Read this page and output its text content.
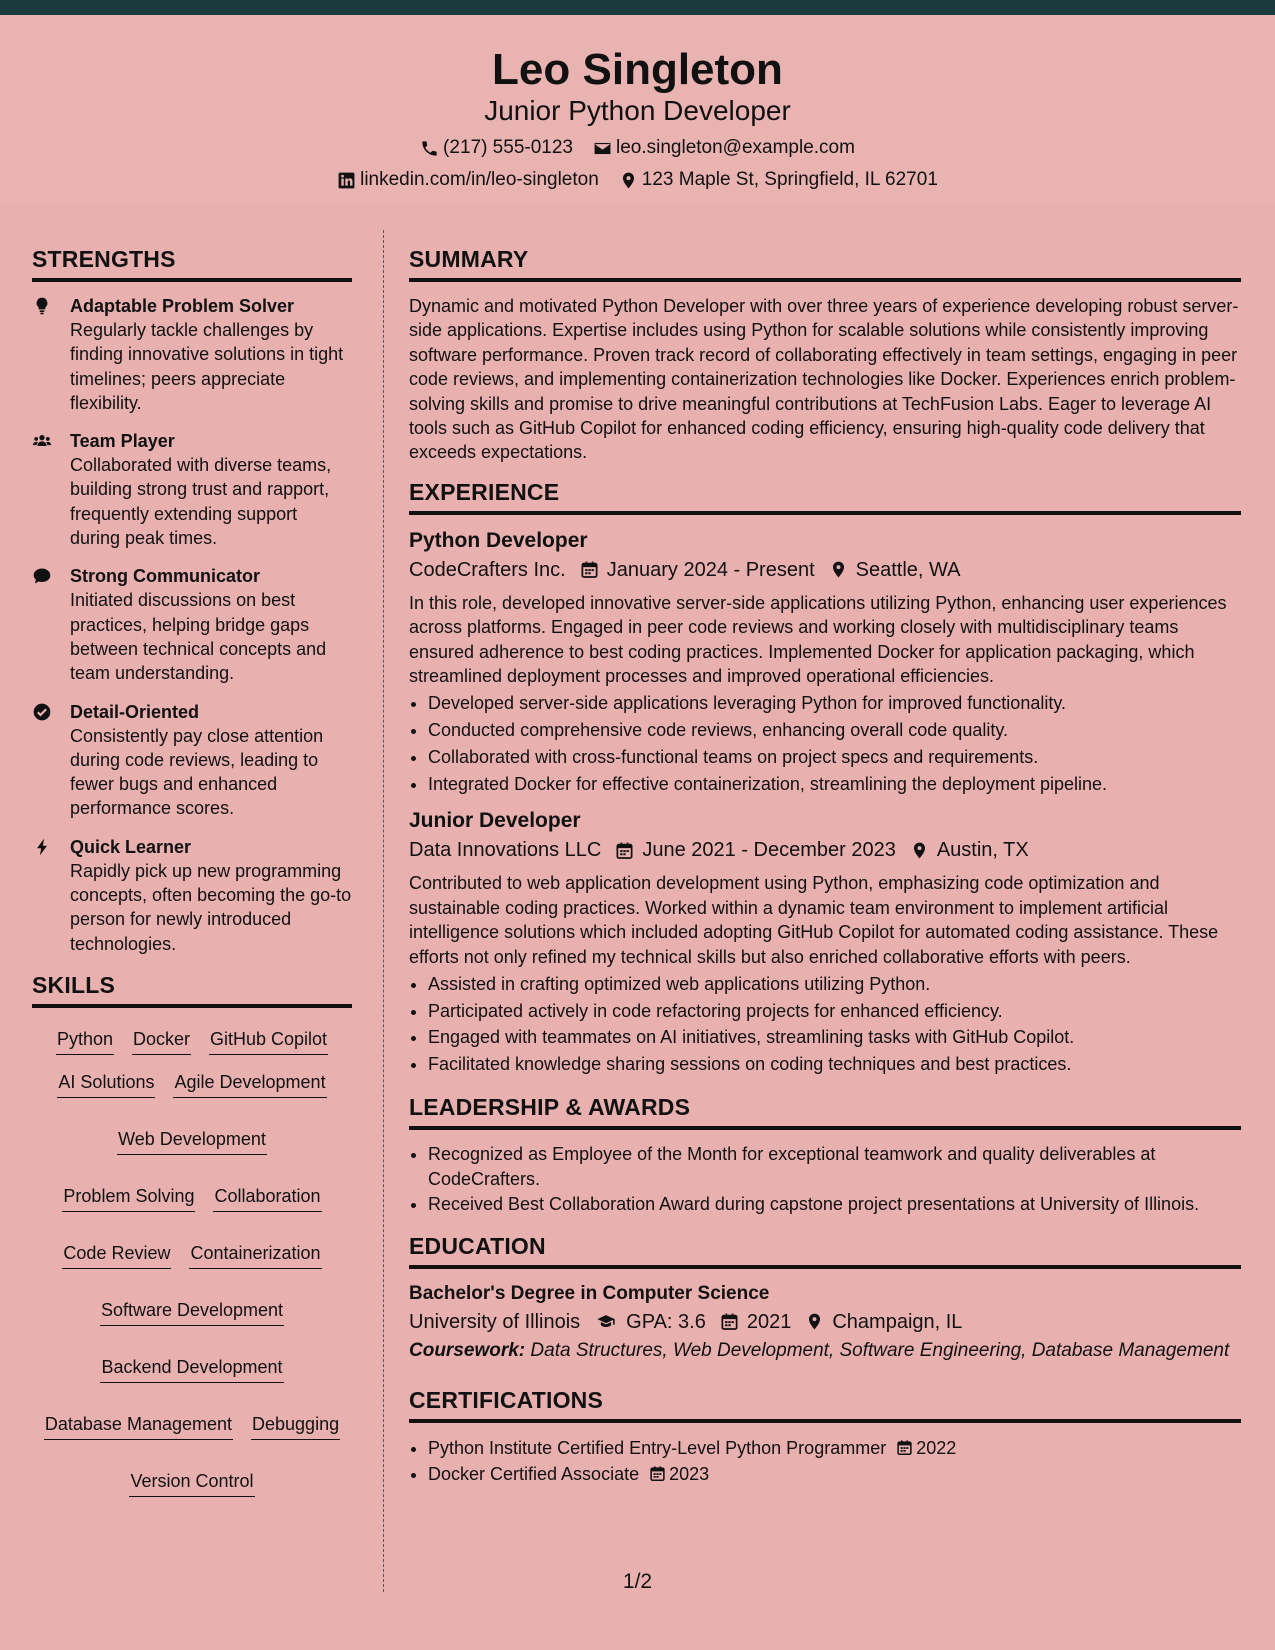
Leo Singleton
Junior Python Developer
(217) 555-0123 leo.singleton@example.com
linkedin.com/in/leo-singleton 123 Maple St, Springfield, IL 62701
STRENGTHS
Adaptable Problem Solver
Regularly tackle challenges by finding innovative solutions in tight timelines; peers appreciate flexibility.
Team Player
Collaborated with diverse teams, building strong trust and rapport, frequently extending support during peak times.
Strong Communicator
Initiated discussions on best practices, helping bridge gaps between technical concepts and team understanding.
Detail-Oriented
Consistently pay close attention during code reviews, leading to fewer bugs and enhanced performance scores.
Quick Learner
Rapidly pick up new programming concepts, often becoming the go-to person for newly introduced technologies.
SKILLS
Python Docker GitHub Copilot
AI Solutions Agile Development
Web Development
Problem Solving Collaboration
Code Review Containerization
Software Development
Backend Development
Database Management Debugging
Version Control
SUMMARY

Dynamic and motivated Python Developer with over three years of experience developing robust server-side applications. Expertise includes using Python for scalable solutions while consistently improving software performance. Proven track record of collaborating effectively in team settings, engaging in peer code reviews, and implementing containerization technologies like Docker. Experiences enrich problem-solving skills and promise to drive meaningful contributions at TechFusion Labs. Eager to leverage AI tools such as GitHub Copilot for enhanced coding efficiency, ensuring high-quality code delivery that exceeds expectations.

EXPERIENCE
Python Developer
CodeCrafters Inc. January 2024 - Present Seattle, WA

In this role, developed innovative server-side applications utilizing Python, enhancing user experiences across platforms. Engaged in peer code reviews and working closely with multidisciplinary teams ensured adherence to best coding practices. Implemented Docker for application packaging, which streamlined deployment processes and improved operational efficiencies.

• Developed server-side applications leveraging Python for improved functionality.
• Conducted comprehensive code reviews, enhancing overall code quality.
• Collaborated with cross-functional teams on project specs and requirements.
• Integrated Docker for effective containerization, streamlining the deployment pipeline.
Junior Developer
Data Innovations LLC June 2021 - December 2023 Austin, TX

Contributed to web application development using Python, emphasizing code optimization and sustainable coding practices. Worked within a dynamic team environment to implement artificial intelligence solutions which included adopting GitHub Copilot for automated coding assistance. These efforts not only refined my technical skills but also enriched collaborative efforts with peers.

• Assisted in crafting optimized web applications utilizing Python.
• Participated actively in code refactoring projects for enhanced efficiency.
• Engaged with teammates on AI initiatives, streamlining tasks with GitHub Copilot.
• Facilitated knowledge sharing sessions on coding techniques and best practices.
LEADERSHIP & AWARDS
• Recognized as Employee of the Month for exceptional teamwork and quality deliverables at CodeCrafters.
• Received Best Collaboration Award during capstone project presentations at University of Illinois.
EDUCATION
Bachelor's Degree in Computer Science
University of Illinois GPA: 3.6 2021 Champaign, IL
Coursework: Data Structures, Web Development, Software Engineering, Database Management
CERTIFICATIONS
• Python Institute Certified Entry-Level Python Programmer 2022
• Docker Certified Associate 2023
1/2
